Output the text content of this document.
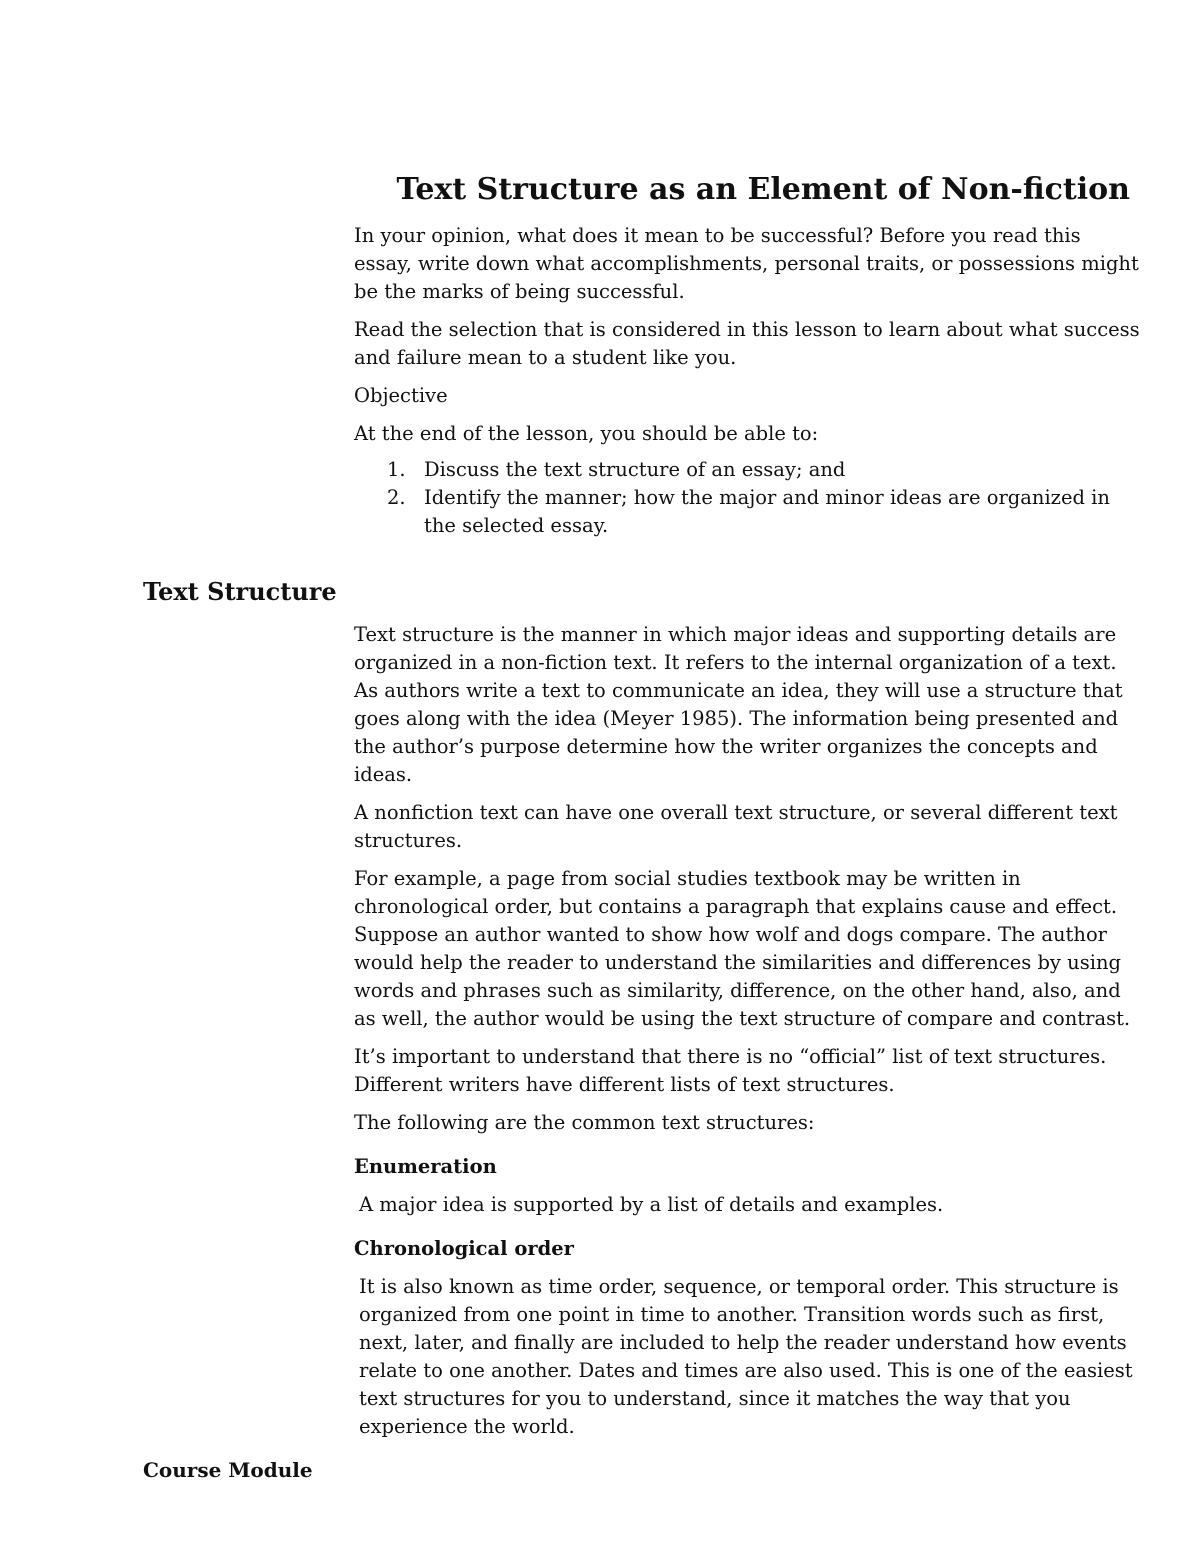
Text Structure as an Element of Non-fiction

In your opinion, what does it mean to be successful? Before you read this essay, write down what accomplishments, personal traits, or possessions might be the marks of being successful.

Read the selection that is considered in this lesson to learn about what success and failure mean to a student like you.

Objective

At the end of the lesson, you should be able to:

1. Discuss the text structure of an essay; and
2. Identify the manner; how the major and minor ideas are organized in the selected essay.
Text Structure

Text structure is the manner in which major ideas and supporting details are organized in a non-fiction text. It refers to the internal organization of a text. As authors write a text to communicate an idea, they will use a structure that goes along with the idea (Meyer 1985). The information being presented and the author’s purpose determine how the writer organizes the concepts and ideas.

A nonfiction text can have one overall text structure, or several different text structures.

For example, a page from social studies textbook may be written in chronological order, but contains a paragraph that explains cause and effect. Suppose an author wanted to show how wolf and dogs compare. The author would help the reader to understand the similarities and differences by using words and phrases such as similarity, difference, on the other hand, also, and as well, the author would be using the text structure of compare and contrast.

It’s important to understand that there is no “official” list of text structures. Different writers have different lists of text structures.

The following are the common text structures:

Enumeration

A major idea is supported by a list of details and examples.

Chronological order

It is also known as time order, sequence, or temporal order. This structure is organized from one point in time to another. Transition words such as first, next, later, and finally are included to help the reader understand how events relate to one another. Dates and times are also used. This is one of the easiest text structures for you to understand, since it matches the way that you experience the world.

Course Module
